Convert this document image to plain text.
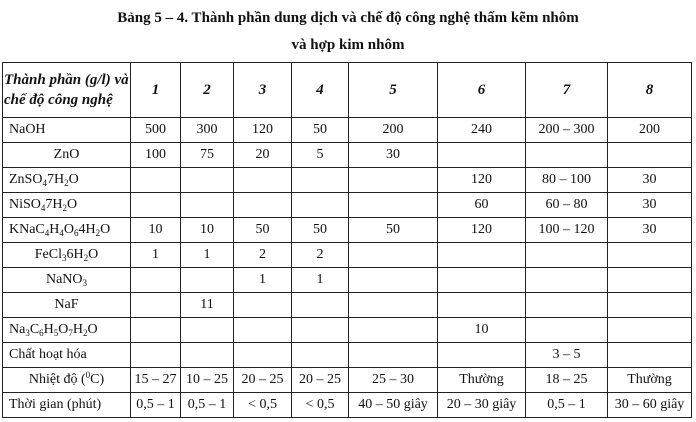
Bảng 5 – 4. Thành phần dung dịch và chế độ công nghệ thấm kẽm nhôm
và hợp kim nhôm
Thành phần (g/l) và
chế độ công nghệ	1	2	3	4	5	6	7	8
NaOH	500	300	120	50	200	240	200 – 300	200
ZnO	100	75	20	5	30			
$ZnSO_47H_2O$						120	80 – 100	30
$NiSO_47H_2O$						60	60 – 80	30
$KNaC_4H_4O_64H_2O$	10	10	50	50	50	120	100 – 120	30
$FeCl_36H_2O$	1	1	2	2				
NaNO$_3$			1	1				
NaF		11						
$Na_3C_6H_5O_7H_2O$						10		
Chất hoạt hóa							3 – 5	
Nhiệt độ ($^0$C)	15 – 27	10 – 25	20 – 25	20 – 25	25 – 30	Thường	18 – 25	Thường
Thời gian (phút)	0,5 – 1	0,5 – 1	< 0,5	< 0,5	40 – 50 giây	20 – 30 giây	0,5 – 1	30 – 60 giây
